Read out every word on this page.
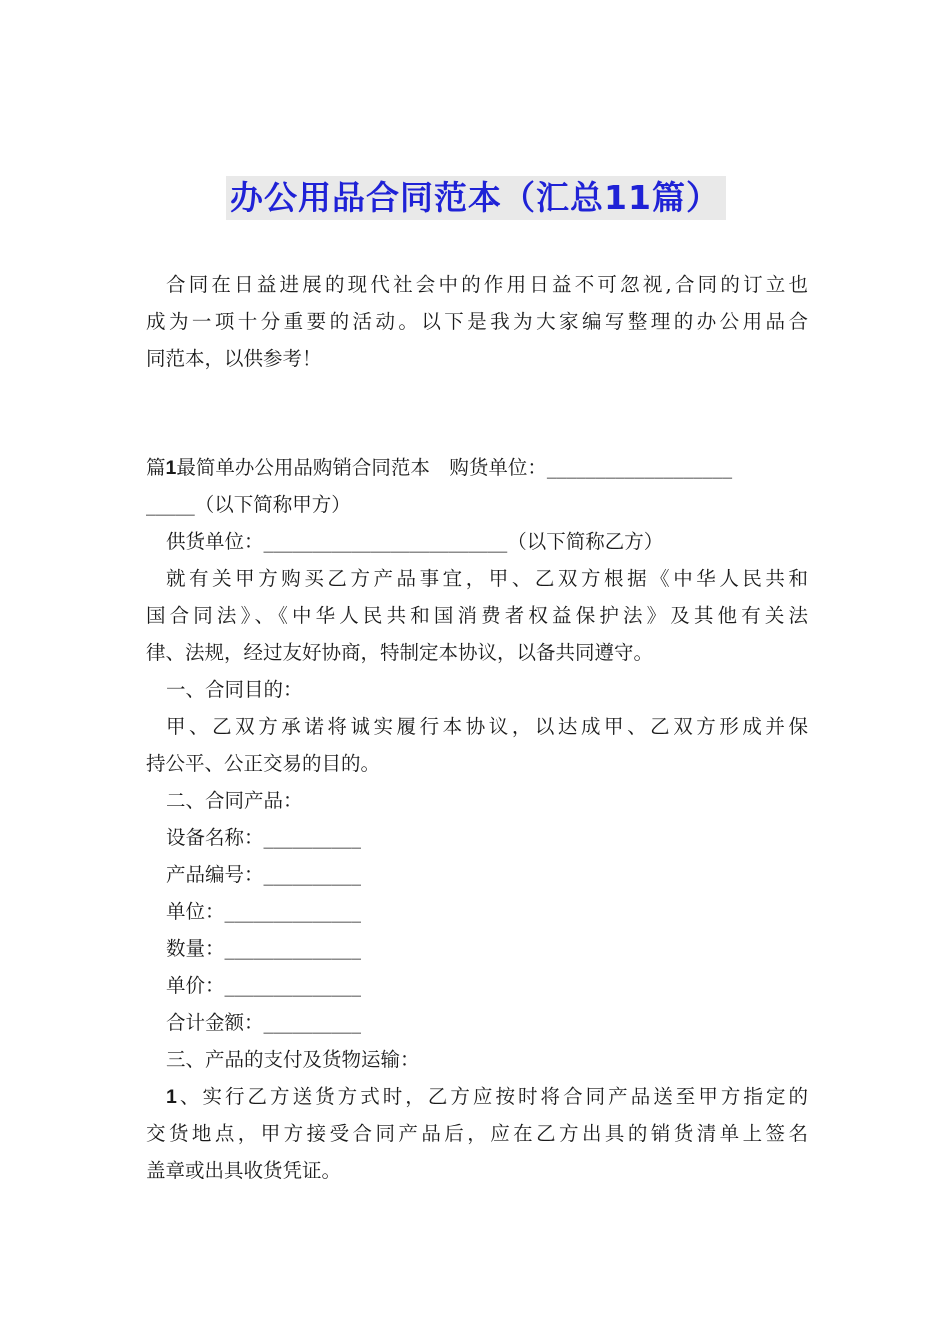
办公用品合同范本（汇总11篇）
合同在日益进展的现代社会中的作用日益不可忽视,合同的订立也
成为一项十分重要的活动。以下是我为大家编写整理的办公用品合
同范本，以供参考！
篇1最简单办公用品购销合同范本　购货单位：___________________
_____（以下简称甲方）
供货单位：_________________________（以下简称乙方）
就有关甲方购买乙方产品事宜，甲、乙双方根据《中华人民共和
国合同法》、《中华人民共和国消费者权益保护法》及其他有关法
律、法规，经过友好协商，特制定本协议，以备共同遵守。
一、合同目的：
甲、乙双方承诺将诚实履行本协议，以达成甲、乙双方形成并保
持公平、公正交易的目的。
二、合同产品：
设备名称：__________
产品编号：__________
单位：______________
数量：______________
单价：______________
合计金额：__________
三、产品的支付及货物运输：
1、实行乙方送货方式时，乙方应按时将合同产品送至甲方指定的
交货地点，甲方接受合同产品后，应在乙方出具的销货清单上签名
盖章或出具收货凭证。
